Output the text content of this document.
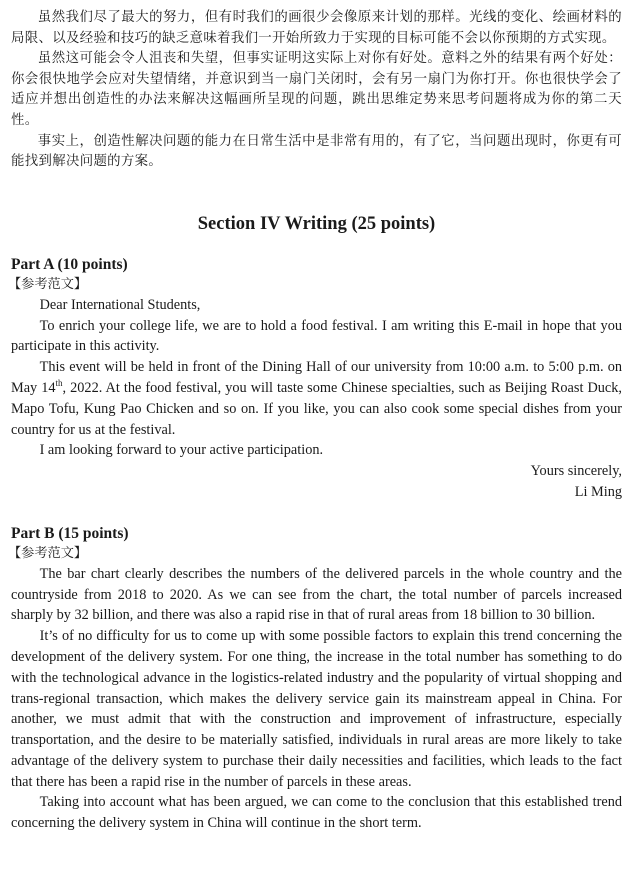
虽然我们尽了最大的努力，但有时我们的画很少会像原来计划的那样。光线的变化、绘画材料的局限、以及经验和技巧的缺乏意味着我们一开始所致力于实现的目标可能不会以你预期的方式实现。

虽然这可能会令人沮丧和失望，但事实证明这实际上对你有好处。意料之外的结果有两个好处：你会很快地学会应对失望情绪，并意识到当一扇门关闭时，会有另一扇门为你打开。你也很快学会了适应并想出创造性的办法来解决这幅画所呈现的问题，跳出思维定势来思考问题将成为你的第二天性。

事实上，创造性解决问题的能力在日常生活中是非常有用的，有了它，当问题出现时，你更有可能找到解决问题的方案。

Section IV Writing (25 points)

Part A (10 points)

【参考范文】

Dear International Students,

To enrich your college life, we are to hold a food festival. I am writing this E-mail in hope that you participate in this activity.

This event will be held in front of the Dining Hall of our university from 10:00 a.m. to 5:00 p.m. on May 14th, 2022. At the food festival, you will taste some Chinese specialties, such as Beijing Roast Duck, Mapo Tofu, Kung Pao Chicken and so on. If you like, you can also cook some special dishes from your country for us at the festival.

I am looking forward to your active participation.

Yours sincerely,

Li Ming

Part B (15 points)

【参考范文】

The bar chart clearly describes the numbers of the delivered parcels in the whole country and the countryside from 2018 to 2020. As we can see from the chart, the total number of parcels increased sharply by 32 billion, and there was also a rapid rise in that of rural areas from 18 billion to 30 billion.

It’s of no difficulty for us to come up with some possible factors to explain this trend concerning the development of the delivery system. For one thing, the increase in the total number has something to do with the technological advance in the logistics-related industry and the popularity of virtual shopping and trans-regional transaction, which makes the delivery service gain its mainstream appeal in China. For another, we must admit that with the construction and improvement of infrastructure, especially transportation, and the desire to be materially satisfied, individuals in rural areas are more likely to take advantage of the delivery system to purchase their daily necessities and facilities, which leads to the fact that there has been a rapid rise in the number of parcels in these areas.

Taking into account what has been argued, we can come to the conclusion that this established trend concerning the delivery system in China will continue in the short term.
